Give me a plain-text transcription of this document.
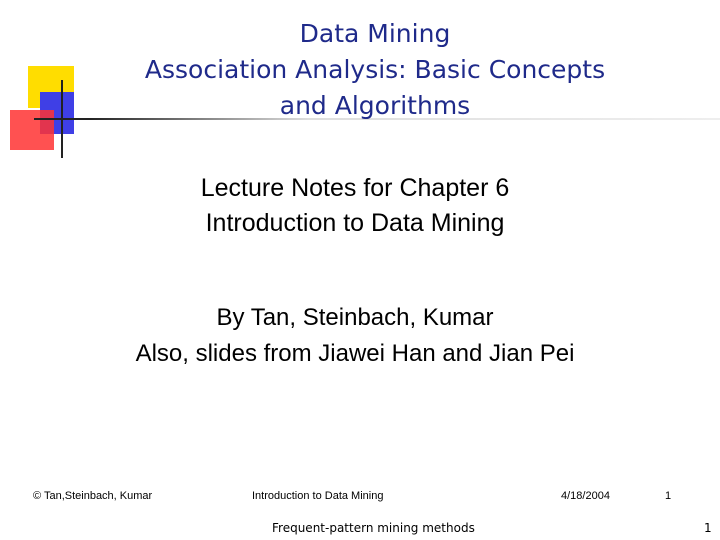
Data Mining
Association Analysis: Basic Concepts
and Algorithms
Lecture Notes for Chapter 6
Introduction to Data Mining
By Tan, Steinbach, Kumar
Also, slides from Jiawei Han and Jian Pei
© Tan,Steinbach, Kumar	Introduction to Data Mining	4/18/2004	1
Frequent-pattern mining methods	1
